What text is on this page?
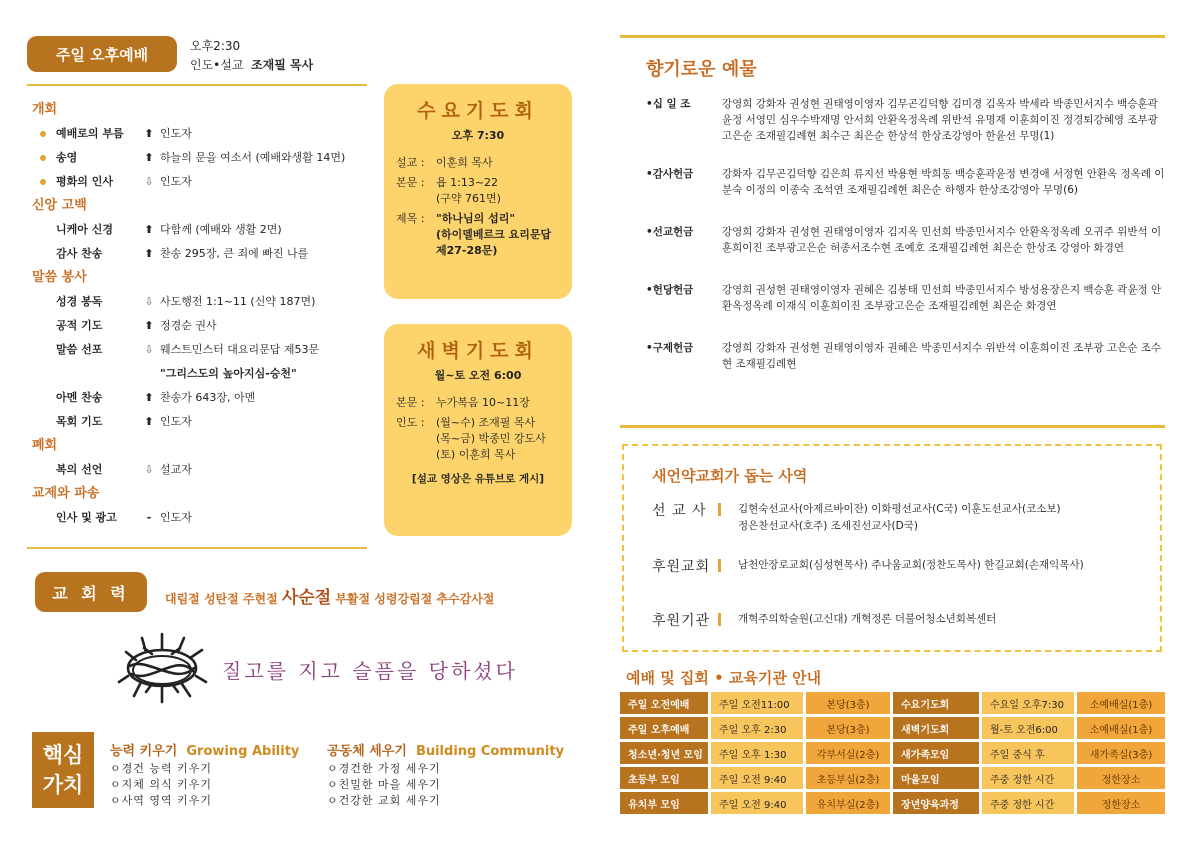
주일 오후예배	오후2:30
인도•설교 조재필 목사
개회
예배로의 부름 ⬆ 인도자
송영	⬆ 하늘의 문을 여소서 (예배와생활 14면)
평화의 인사	⇩ 인도자
신앙 고백
니케아 신경	⬆ 다함께 (예배와 생활 2면)
감사 찬송	⬆ 찬송 295장, 큰 죄에 빠진 나를
말씀 봉사
성경 봉독	⇩ 사도행전 1:1~11 (신약 187면)
공적 기도	⬆ 정경순 권사
말씀 선포	⇩ 웨스트민스터 대요리문답 제53문
"그리스도의 높아지심-승천"
아멘 찬송	⬆ 찬송가 643장, 아멘
목회 기도	⬆ 인도자
폐회
복의 선언	⇩ 설교자
교제와 파송
인사 및 광고	- 인도자
수요기도회
오후 7:30
설교 :	이훈희 목사
본문 :	욥 1:13~22
(구약 761면)
제목 :	"하나님의 섭리"
(하이델베르크 요리문답
제27-28문)
새벽기도회
월~토 오전 6:00
본문 :	누가복음 10~11장
인도 :	(월~수) 조재필 목사
(목~금) 박종민 강도사
(토) 이훈희 목사
[설교 영상은 유튜브로 게시]
교 회 력	대림절 성탄절 주현절 사순절 부활절 성령강림절 추수감사절
질고를 지고 슬픔을 당하셨다
핵심
가치
능력 키우기 Growing Ability
ㅇ경건 능력 키우기
ㅇ지체 의식 키우기
ㅇ사역 영역 키우기
공동체 세우기 Building Community
ㅇ경건한 가정 세우기
ㅇ친밀한 마을 세우기
ㅇ건강한 교회 세우기
향기로운 예물
•십 일 조	강영희 강화자 권성현 권태영이영자 김무곤김덕향 김미경 김옥자 박세라 박종민서지수 백승훈곽윤정 서영민 심우수박재명 안서희 안환옥정옥례 위반석 유명재 이훈희이진 정경퇴강혜영 조부광고은순 조재필김례현 최수근 최은순 한상석 한상조강영아 한윤선 무명(1)
•감사헌금	강화자 김무곤김덕향 김은희 류지선 박용현 박희동 백승훈곽윤정 변경애 서정현 안환옥 정옥례 이분숙 이정의 이종숙 조석연 조재필김례현 최은순 하행자 한상조강영아 무명(6)
•선교헌금	강영희 강화자 권성현 권태영이영자 김지옥 민선희 박종민서지수 안환옥정옥례 오귀주 위반석 이훈희이진 조부광고은순 허종서조수현 조예호 조재필김례현 최은순 한상조 강영아 화경연
•헌당헌금	강영희 권성현 권태영이영자 권혜은 김봉태 민선희 박종민서지수 방성용장은지 백승훈 곽윤정 안환옥정옥례 이재식 이훈희이진 조부광고은순 조재필김례현 최은순 화경연
•구제헌금	강영희 강화자 권성현 권태영이영자 권혜은 박종민서지수 위반석 이훈희이진 조부광 고은순 조수현 조재필김례현
새언약교회가 돕는 사역
선 교 사	김현숙선교사(아제르바이잔) 이화평선교사(C국) 이훈도선교사(코소보)
정은찬선교사(호주) 조세진선교사(D국)
후원교회	남천안장로교회(심성현목사) 주나움교회(정찬도목사) 한길교회(손재익목사)
후원기관	개혁주의학술원(고신대) 개혁정론 더불어청소년회복센터
예배 및 집회 • 교육기관 안내
주일 오전예배	주일 오전11:00	본당(3층)	수요기도회	수요일 오후7:30	소예배실(1층)
주일 오후예배	주일 오후 2:30	본당(3층)	새벽기도회	월-토 오전6:00	소예배실(1층)
청소년·청년 모임	주일 오후 1:30	각부서실(2층)	새가족모임	주일 중식 후	새가족실(3층)
초등부 모임	주일 오전 9:40	초등부실(2층)	마을모임	주중 정한 시간	정한장소
유치부 모임	주일 오전 9:40	유치부실(2층)	장년양육과정	주중 정한 시간	정한장소
